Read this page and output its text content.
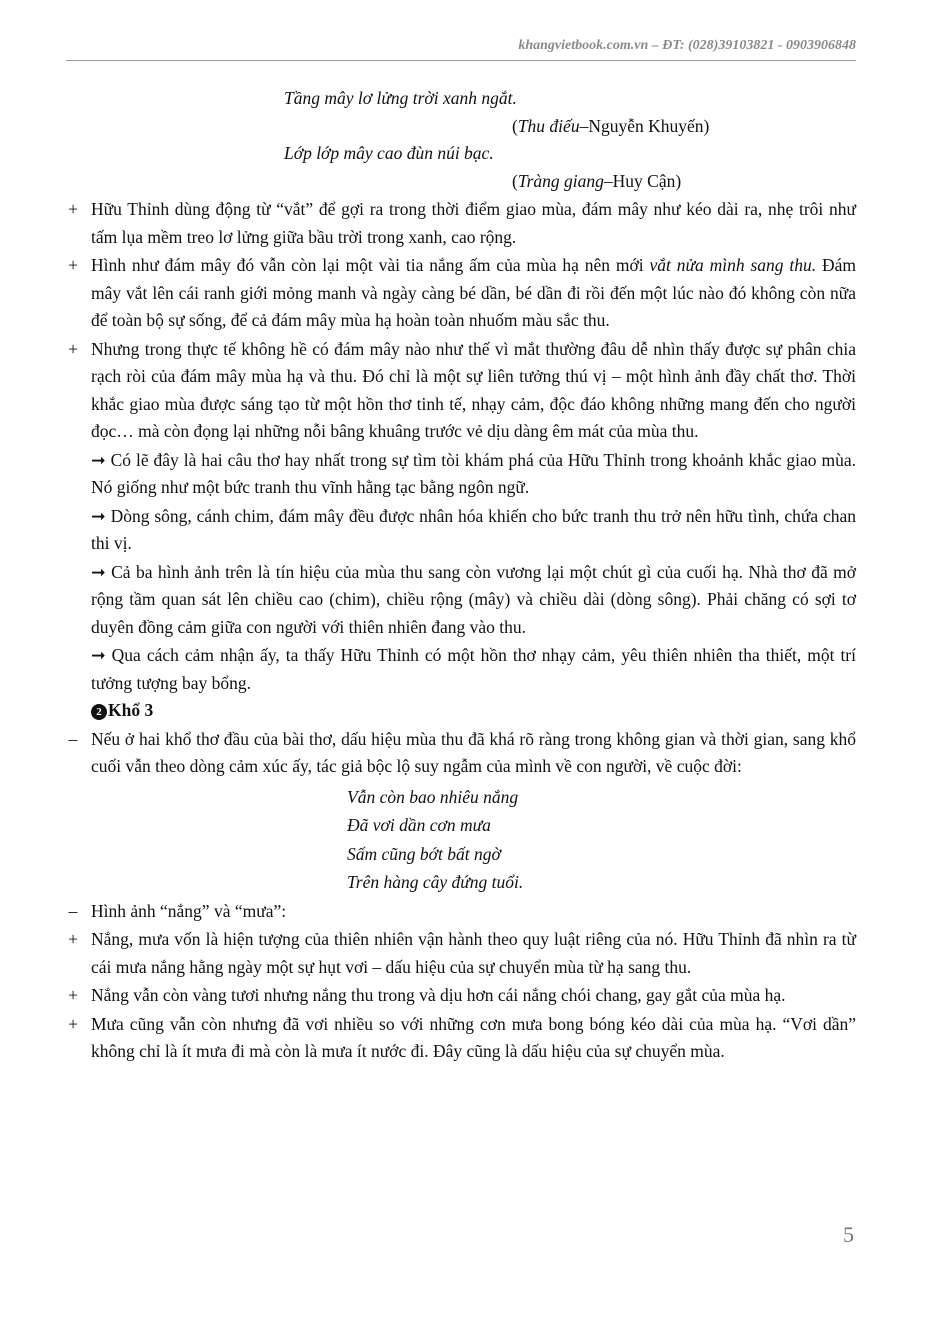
khangvietbook.com.vn – ĐT: (028)39103821 - 0903906848
Tầng mây lơ lửng trời xanh ngắt.
(Thu điếu–Nguyễn Khuyến)
Lớp lớp mây cao đùn núi bạc.
(Tràng giang–Huy Cận)
+ Hữu Thỉnh dùng động từ “vắt” để gợi ra trong thời điểm giao mùa, đám mây như kéo dài ra, nhẹ trôi như tấm lụa mềm treo lơ lửng giữa bầu trời trong xanh, cao rộng.
+ Hình như đám mây đó vẫn còn lại một vài tia nắng ấm của mùa hạ nên mới vắt nửa mình sang thu. Đám mây vắt lên cái ranh giới mỏng manh và ngày càng bé dần, bé dần đi rồi đến một lúc nào đó không còn nữa để toàn bộ sự sống, để cả đám mây mùa hạ hoàn toàn nhuốm màu sắc thu.
+ Nhưng trong thực tế không hề có đám mây nào như thế vì mắt thường đâu dễ nhìn thấy được sự phân chia rạch ròi của đám mây mùa hạ và thu. Đó chỉ là một sự liên tưởng thú vị – một hình ảnh đầy chất thơ. Thời khắc giao mùa được sáng tạo từ một hồn thơ tinh tế, nhạy cảm, độc đáo không những mang đến cho người đọc… mà còn đọng lại những nỗi bâng khuâng trước vẻ dịu dàng êm mát của mùa thu.
➞ Có lẽ đây là hai câu thơ hay nhất trong sự tìm tòi khám phá của Hữu Thỉnh trong khoảnh khắc giao mùa. Nó giống như một bức tranh thu vĩnh hằng tạc bằng ngôn ngữ.
➞ Dòng sông, cánh chim, đám mây đều được nhân hóa khiến cho bức tranh thu trở nên hữu tình, chứa chan thi vị.
➞ Cả ba hình ảnh trên là tín hiệu của mùa thu sang còn vương lại một chút gì của cuối hạ. Nhà thơ đã mở rộng tầm quan sát lên chiều cao (chim), chiều rộng (mây) và chiều dài (dòng sông). Phải chăng có sợi tơ duyên đồng cảm giữa con người với thiên nhiên đang vào thu.
➞ Qua cách cảm nhận ấy, ta thấy Hữu Thỉnh có một hồn thơ nhạy cảm, yêu thiên nhiên tha thiết, một trí tưởng tượng bay bổng.
2 Khổ 3
– Nếu ở hai khổ thơ đầu của bài thơ, dấu hiệu mùa thu đã khá rõ ràng trong không gian và thời gian, sang khổ cuối vẫn theo dòng cảm xúc ấy, tác giả bộc lộ suy ngẫm của mình về con người, về cuộc đời:
Vẫn còn bao nhiêu nắng
Đã vơi dần cơn mưa
Sấm cũng bớt bất ngờ
Trên hàng cây đứng tuổi.
– Hình ảnh “nắng” và “mưa”:
+ Nắng, mưa vốn là hiện tượng của thiên nhiên vận hành theo quy luật riêng của nó. Hữu Thỉnh đã nhìn ra từ cái mưa nắng hằng ngày một sự hụt vơi – dấu hiệu của sự chuyển mùa từ hạ sang thu.
+ Nắng vẫn còn vàng tươi nhưng nắng thu trong và dịu hơn cái nắng chói chang, gay gắt của mùa hạ.
+ Mưa cũng vẫn còn nhưng đã vơi nhiều so với những cơn mưa bong bóng kéo dài của mùa hạ. “Vơi dần” không chỉ là ít mưa đi mà còn là mưa ít nước đi. Đây cũng là dấu hiệu của sự chuyển mùa.
5
